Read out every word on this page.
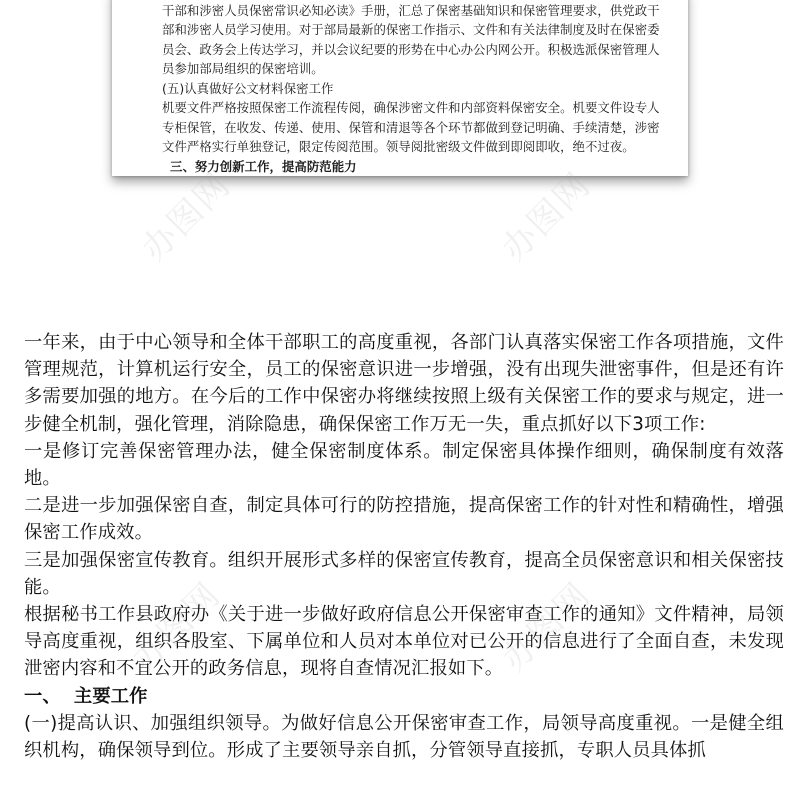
干部和涉密人员保密常识必知必读》手册，汇总了保密基础知识和保密管理要求，供党政干
部和涉密人员学习使用。对于部局最新的保密工作指示、文件和有关法律制度及时在保密委
员会、政务会上传达学习，并以会议纪要的形势在中心办公内网公开。积极选派保密管理人
员参加部局组织的保密培训。
(五)认真做好公文材料保密工作
机要文件严格按照保密工作流程传阅，确保涉密文件和内部资料保密安全。机要文件设专人
专柜保管，在收发、传递、使用、保管和清退等各个环节都做到登记明确、手续清楚，涉密
文件严格实行单独登记，限定传阅范围。领导阅批密级文件做到即阅即收，绝不过夜。
三、努力创新工作，提高防范能力
办图网	办图网
办图网	办图网
一年来，由于中心领导和全体干部职工的高度重视，各部门认真落实保密工作各项措施，文件管理规范，计算机运行安全，员工的保密意识进一步增强，没有出现失泄密事件，但是还有许多需要加强的地方。在今后的工作中保密办将继续按照上级有关保密工作的要求与规定，进一步健全机制，强化管理，消除隐患，确保保密工作万无一失，重点抓好以下3项工作:
一是修订完善保密管理办法，健全保密制度体系。制定保密具体操作细则，确保制度有效落地。
二是进一步加强保密自查，制定具体可行的防控措施，提高保密工作的针对性和精确性，增强保密工作成效。
三是加强保密宣传教育。组织开展形式多样的保密宣传教育，提高全员保密意识和相关保密技能。
根据秘书工作县政府办《关于进一步做好政府信息公开保密审查工作的通知》文件精神，局领导高度重视，组织各股室、下属单位和人员对本单位对已公开的信息进行了全面自查，未发现泄密内容和不宜公开的政务信息，现将自查情况汇报如下。
一、  主要工作
(一)提高认识、加强组织领导。为做好信息公开保密审查工作，局领导高度重视。一是健全组织机构，确保领导到位。形成了主要领导亲自抓，分管领导直接抓，专职人员具体抓
